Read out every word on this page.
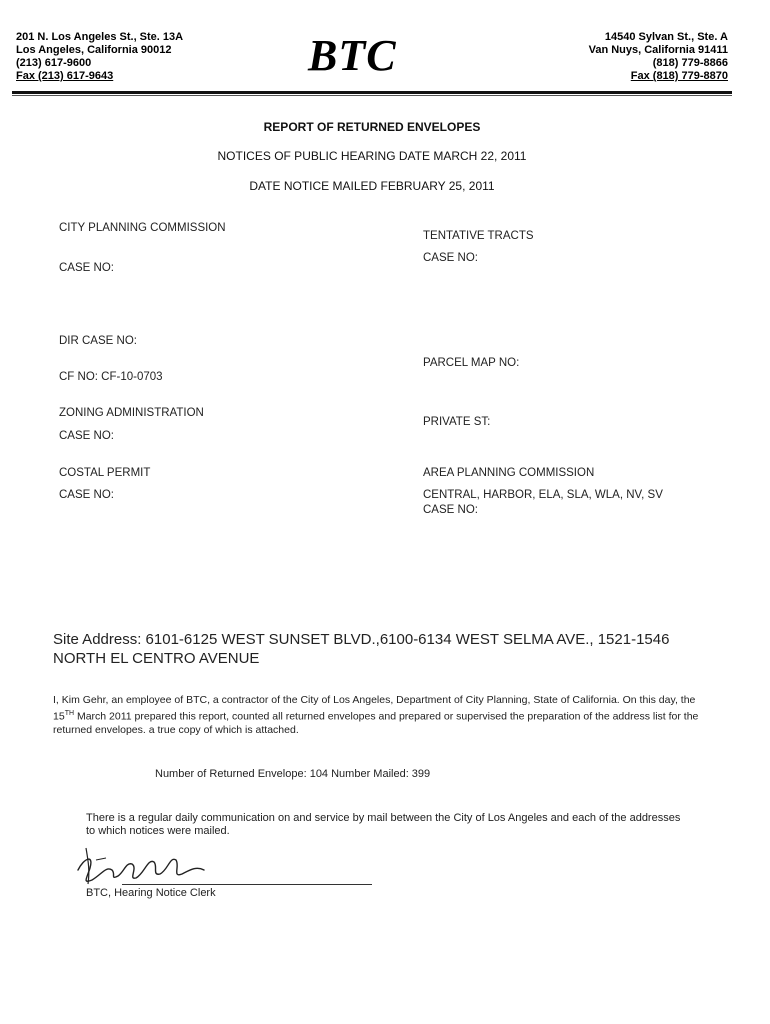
201 N. Los Angeles St., Ste. 13A
Los Angeles, California 90012
(213) 617-9600
Fax (213) 617-9643	BTC	14540 Sylvan St., Ste. A
Van Nuys, California 91411
(818) 779-8866
Fax (818) 779-8870
REPORT OF RETURNED ENVELOPES
NOTICES OF PUBLIC HEARING DATE MARCH 22, 2011
DATE NOTICE MAILED FEBRUARY 25, 2011
CITY PLANNING COMMISSION
CASE NO:
DIR CASE NO:
CF NO: CF-10-0703
ZONING ADMINISTRATION
CASE NO:
COSTAL PERMIT
CASE NO:
TENTATIVE TRACTS
CASE NO:
PARCEL MAP NO:
PRIVATE ST:
AREA PLANNING COMMISSION
CENTRAL, HARBOR, ELA, SLA, WLA, NV, SV
CASE NO:
Site Address: 6101-6125 WEST SUNSET BLVD.,6100-6134 WEST SELMA AVE., 1521-1546
NORTH EL CENTRO AVENUE
I, Kim Gehr, an employee of BTC, a contractor of the City of Los Angeles, Department of City Planning, State of California. On this day, the 15TH March 2011 prepared this report, counted all returned envelopes and prepared or supervised the preparation of the address list for the returned envelopes. a true copy of which is attached.
Number of Returned Envelope: 104 Number Mailed: 399
There is a regular daily communication on and service by mail between the City of Los Angeles and each of the addresses to which notices were mailed.
BTC, Hearing Notice Clerk
